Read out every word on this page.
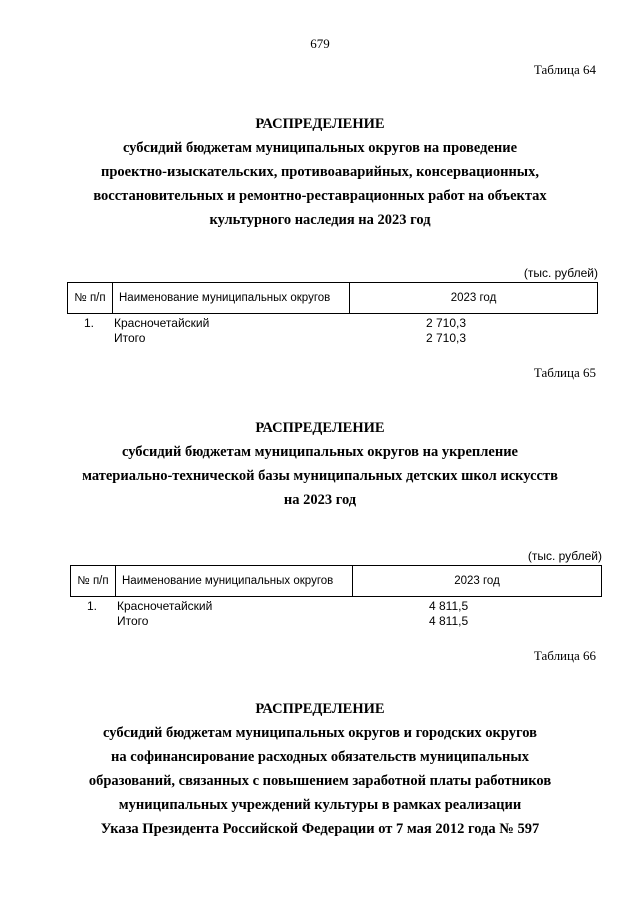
679
Таблица 64
РАСПРЕДЕЛЕНИЕ
субсидий бюджетам муниципальных округов на проведение
проектно-изыскательских, противоаварийных, консервационных,
восстановительных и ремонтно-реставрационных работ на объектах
культурного наследия на 2023 год
(тыс. рублей)
№ п/п	Наименование муниципальных округов	2023 год
1. Красночетайский	2 710,3
Итого	2 710,3
Таблица 65
РАСПРЕДЕЛЕНИЕ
субсидий бюджетам муниципальных округов на укрепление
материально-технической базы муниципальных детских школ искусств
на 2023 год
(тыс. рублей)
№ п/п	Наименование муниципальных округов	2023 год
1. Красночетайский	4 811,5
Итого	4 811,5
Таблица 66
РАСПРЕДЕЛЕНИЕ
субсидий бюджетам муниципальных округов и городских округов
на софинансирование расходных обязательств муниципальных
образований, связанных с повышением заработной платы работников
муниципальных учреждений культуры в рамках реализации
Указа Президента Российской Федерации от 7 мая 2012 года № 597
